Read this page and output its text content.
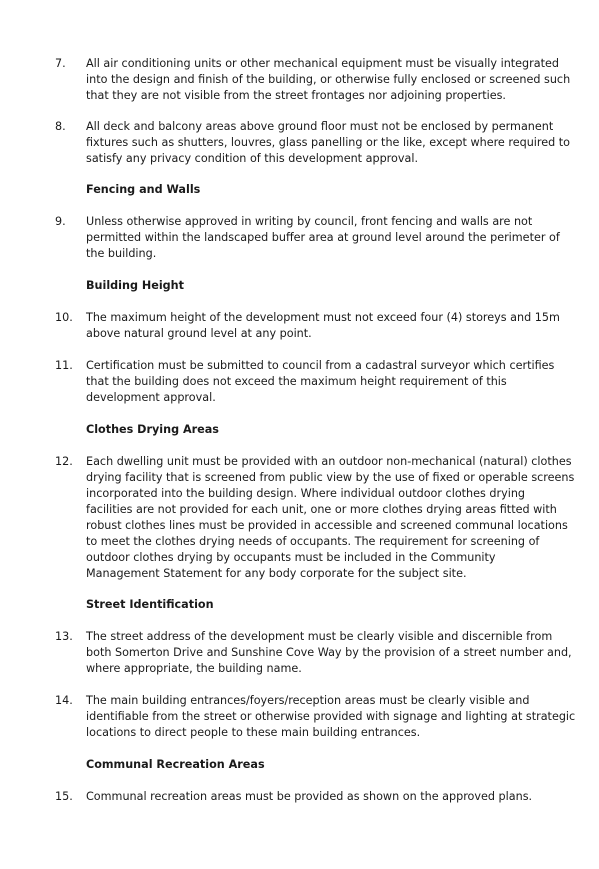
7. All air conditioning units or other mechanical equipment must be visually integrated
into the design and finish of the building, or otherwise fully enclosed or screened such
that they are not visible from the street frontages nor adjoining properties.
8. All deck and balcony areas above ground floor must not be enclosed by permanent
fixtures such as shutters, louvres, glass panelling or the like, except where required to
satisfy any privacy condition of this development approval.
Fencing and Walls
9. Unless otherwise approved in writing by council, front fencing and walls are not
permitted within the landscaped buffer area at ground level around the perimeter of
the building.
Building Height
10. The maximum height of the development must not exceed four (4) storeys and 15m
above natural ground level at any point.
11. Certification must be submitted to council from a cadastral surveyor which certifies
that the building does not exceed the maximum height requirement of this
development approval.
Clothes Drying Areas
12. Each dwelling unit must be provided with an outdoor non-mechanical (natural) clothes
drying facility that is screened from public view by the use of fixed or operable screens
incorporated into the building design. Where individual outdoor clothes drying
facilities are not provided for each unit, one or more clothes drying areas fitted with
robust clothes lines must be provided in accessible and screened communal locations
to meet the clothes drying needs of occupants. The requirement for screening of
outdoor clothes drying by occupants must be included in the Community
Management Statement for any body corporate for the subject site.
Street Identification
13. The street address of the development must be clearly visible and discernible from
both Somerton Drive and Sunshine Cove Way by the provision of a street number and,
where appropriate, the building name.
14. The main building entrances/foyers/reception areas must be clearly visible and
identifiable from the street or otherwise provided with signage and lighting at strategic
locations to direct people to these main building entrances.
Communal Recreation Areas
15. Communal recreation areas must be provided as shown on the approved plans.
